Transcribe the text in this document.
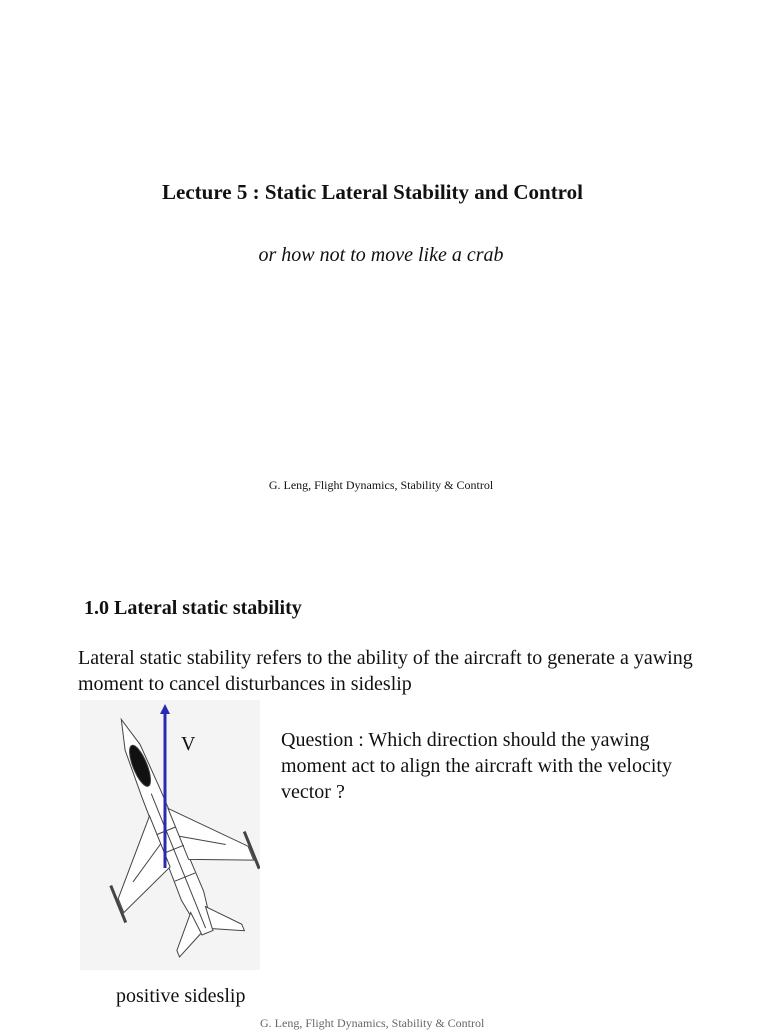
Lecture 5 : Static Lateral Stability and Control
or how not to move like a crab
G. Leng, Flight Dynamics, Stability & Control
1.0 Lateral static stability
Lateral static stability refers to the ability of the aircraft to generate a yawing moment to cancel disturbances in sideslip
V	Question : Which direction should the yawing moment act to align the aircraft with the velocity vector ?
positive sideslip
G. Leng, Flight Dynamics, Stability & Control
